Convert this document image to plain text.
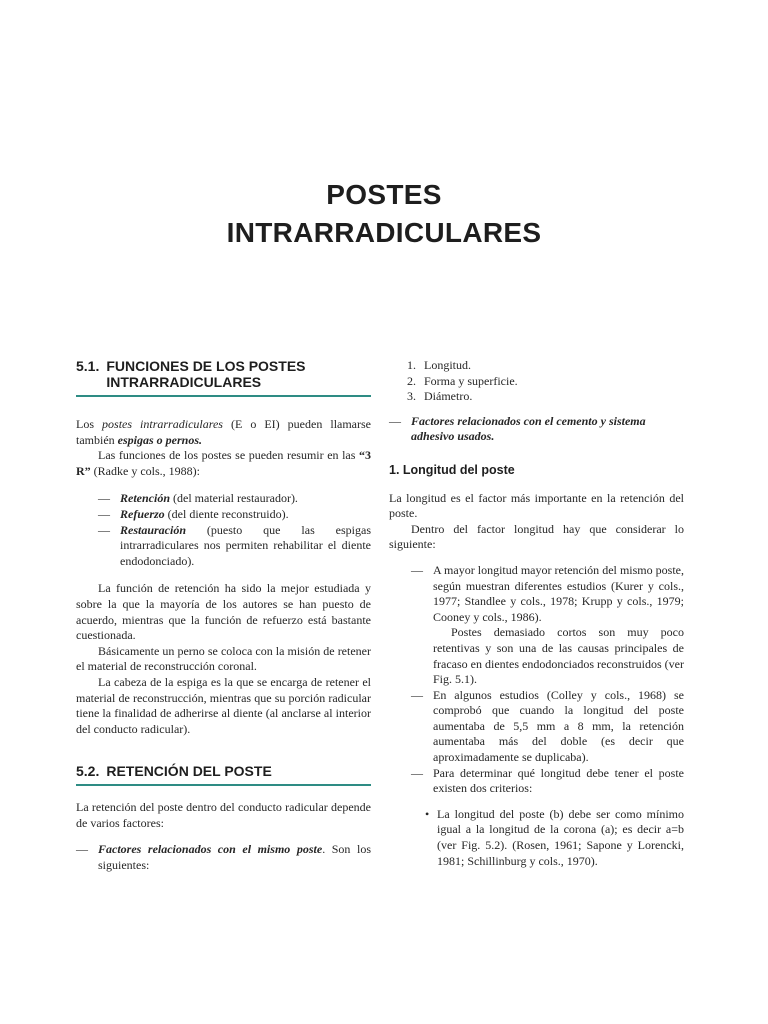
POSTES
INTRARRADICULARES
5.1. FUNCIONES DE LOS POSTES
INTRARRADICULARES

Los postes intrarradiculares (E o EI) pueden llamarse también espigas o pernos.

Las funciones de los postes se pueden resumir en las “3 R” (Radke y cols., 1988):

— Retención (del material restaurador).
— Refuerzo (del diente reconstruido).
— Restauración (puesto que las espigas intrarradiculares nos permiten rehabilitar el diente endodonciado).

La función de retención ha sido la mejor estudiada y sobre la que la mayoría de los autores se han puesto de acuerdo, mientras que la función de refuerzo está bastante cuestionada.

Básicamente un perno se coloca con la misión de retener el material de reconstrucción coronal.

La cabeza de la espiga es la que se encarga de retener el material de reconstrucción, mientras que su porción radicular tiene la finalidad de adherirse al diente (al anclarse al interior del conducto radicular).

5.2. RETENCIÓN DEL POSTE

La retención del poste dentro del conducto radicular depende de varios factores:

— Factores relacionados con el mismo poste. Son los siguientes:
1. Longitud.
2. Forma y superficie.
3. Diámetro.
— Factores relacionados con el cemento y sistema adhesivo usados.
1. Longitud del poste

La longitud es el factor más importante en la retención del poste.

Dentro del factor longitud hay que considerar lo siguiente:

— A mayor longitud mayor retención del mismo poste, según muestran diferentes estudios (Kurer y cols., 1977; Standlee y cols., 1978; Krupp y cols., 1979; Cooney y cols., 1986).

Postes demasiado cortos son muy poco retentivas y son una de las causas principales de fracaso en dientes endodonciados reconstruidos (ver Fig. 5.1).

— En algunos estudios (Colley y cols., 1968) se comprobó que cuando la longitud del poste aumentaba de 5,5 mm a 8 mm, la retención aumentaba más del doble (es decir que aproximadamente se duplicaba).
— Para determinar qué longitud debe tener el poste existen dos criterios:
• La longitud del poste (b) debe ser como mínimo igual a la longitud de la corona (a); es decir a=b (ver Fig. 5.2). (Rosen, 1961; Sapone y Lorencki, 1981; Schillinburg y cols., 1970).
